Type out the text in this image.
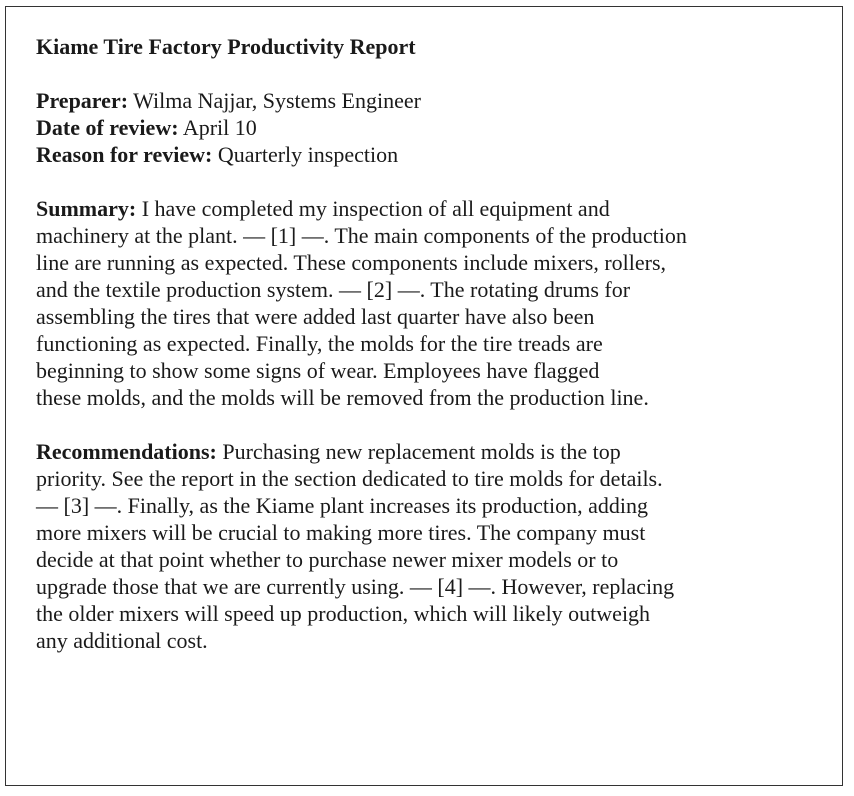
Kiame Tire Factory Productivity Report

Preparer: Wilma Najjar, Systems Engineer

Date of review: April 10

Reason for review: Quarterly inspection

Summary: I have completed my inspection of all equipment and
machinery at the plant. — [1] —. The main components of the production
line are running as expected. These components include mixers, rollers,
and the textile production system. — [2] —. The rotating drums for
assembling the tires that were added last quarter have also been
functioning as expected. Finally, the molds for the tire treads are
beginning to show some signs of wear. Employees have flagged
these molds, and the molds will be removed from the production line.
Recommendations: Purchasing new replacement molds is the top
priority. See the report in the section dedicated to tire molds for details.
— [3] —. Finally, as the Kiame plant increases its production, adding
more mixers will be crucial to making more tires. The company must
decide at that point whether to purchase newer mixer models or to
upgrade those that we are currently using. — [4] —. However, replacing
the older mixers will speed up production, which will likely outweigh
any additional cost.
